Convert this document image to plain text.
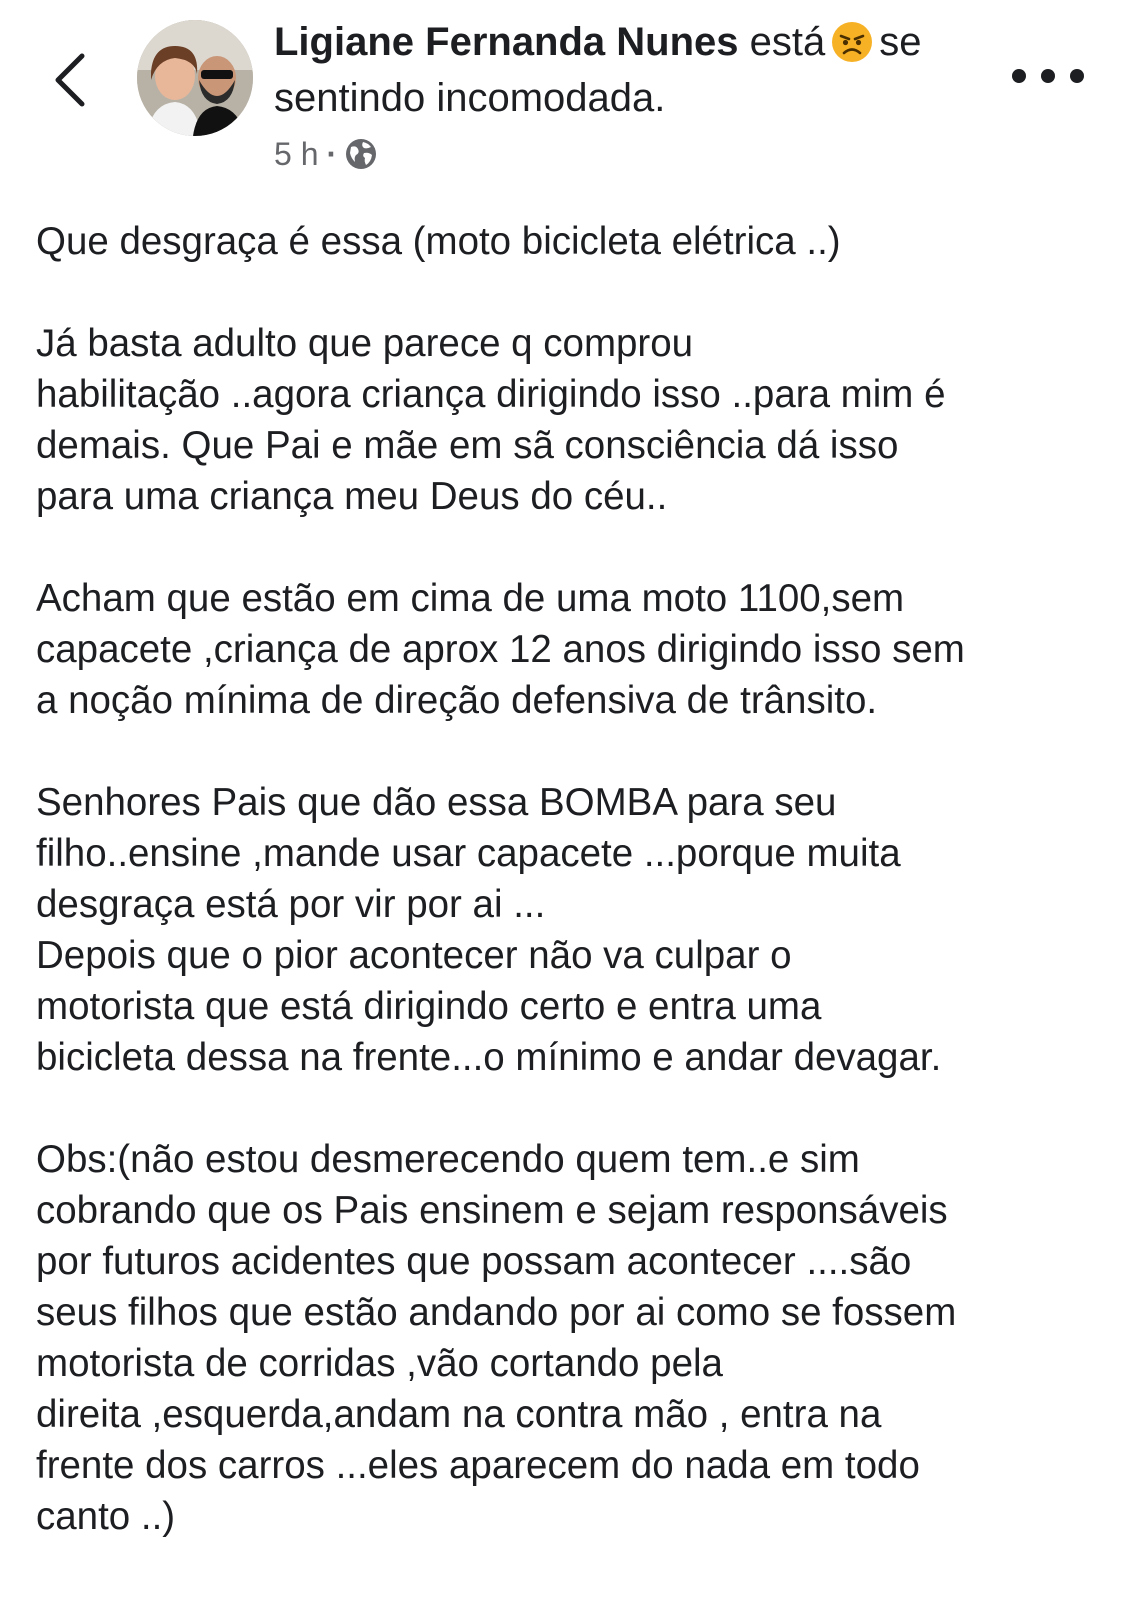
Ligiane Fernanda Nunes está se
sentindo incomodada.
5 h ·
Que desgraça é essa (moto bicicleta elétrica ..)

Já basta adulto que parece q comprou
habilitação ..agora criança dirigindo isso ..para mim é
demais. Que Pai e mãe em sã consciência dá isso
para uma criança meu Deus do céu..

Acham que estão em cima de uma moto 1100,sem
capacete ,criança de aprox 12 anos dirigindo isso sem
a noção mínima de direção defensiva de trânsito.

Senhores Pais que dão essa BOMBA para seu
filho..ensine ,mande usar capacete ...porque muita
desgraça está por vir por ai ...
Depois que o pior acontecer não va culpar o
motorista que está dirigindo certo e entra uma
bicicleta dessa na frente...o mínimo e andar devagar.

Obs:(não estou desmerecendo quem tem..e sim
cobrando que os Pais ensinem e sejam responsáveis
por futuros acidentes que possam acontecer ....são
seus filhos que estão andando por ai como se fossem
motorista de corridas ,vão cortando pela
direita ,esquerda,andam na contra mão , entra na
frente dos carros ...eles aparecem do nada em todo
canto ..)
